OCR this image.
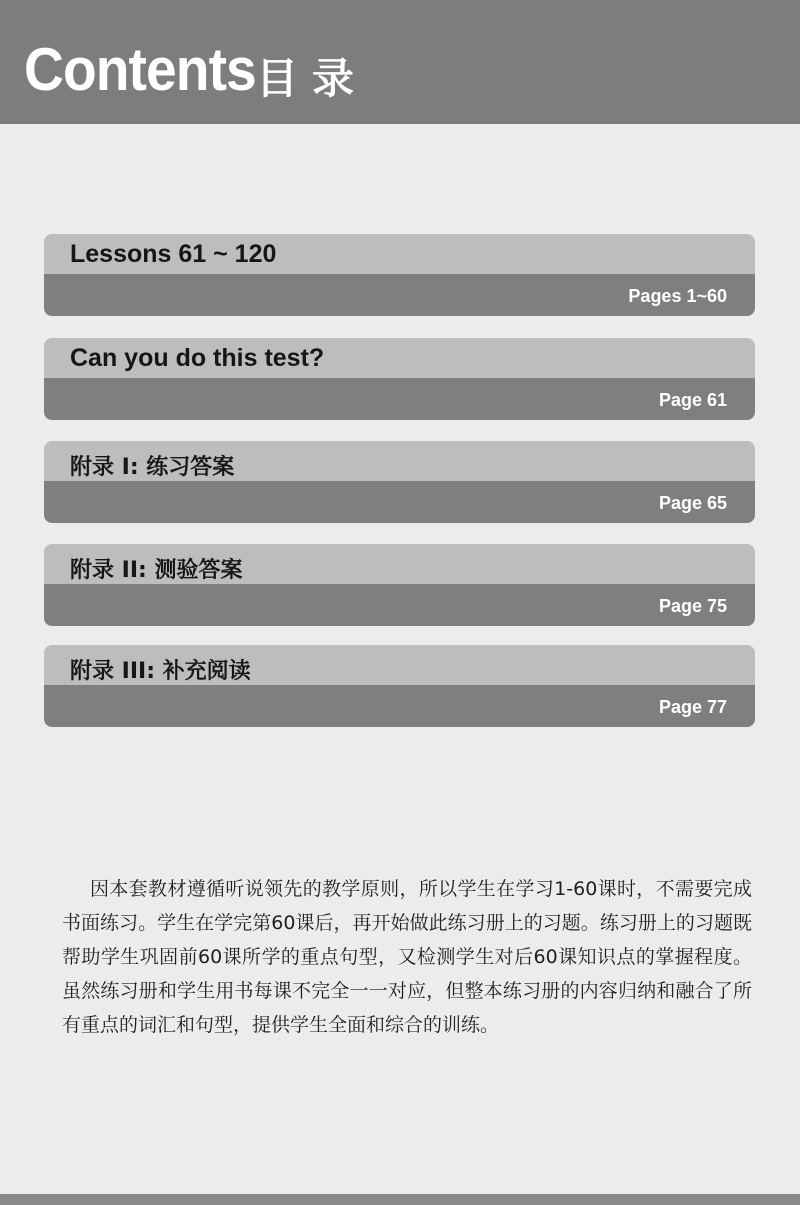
Contents 目录
Lessons 61 ~ 120
Pages 1~60
Can you do this test?
Page 61
附录 I: 练习答案
Page 65
附录 II: 测验答案
Page 75
附录 III: 补充阅读
Page 77
因本套教材遵循听说领先的教学原则，所以学生在学习1-60课时，不需要完成书面练习。学生在学完第60课后，再开始做此练习册上的习题。练习册上的习题既帮助学生巩固前60课所学的重点句型，又检测学生对后60课知识点的掌握程度。虽然练习册和学生用书每课不完全一一对应，但整本练习册的内容归纳和融合了所有重点的词汇和句型，提供学生全面和综合的训练。
